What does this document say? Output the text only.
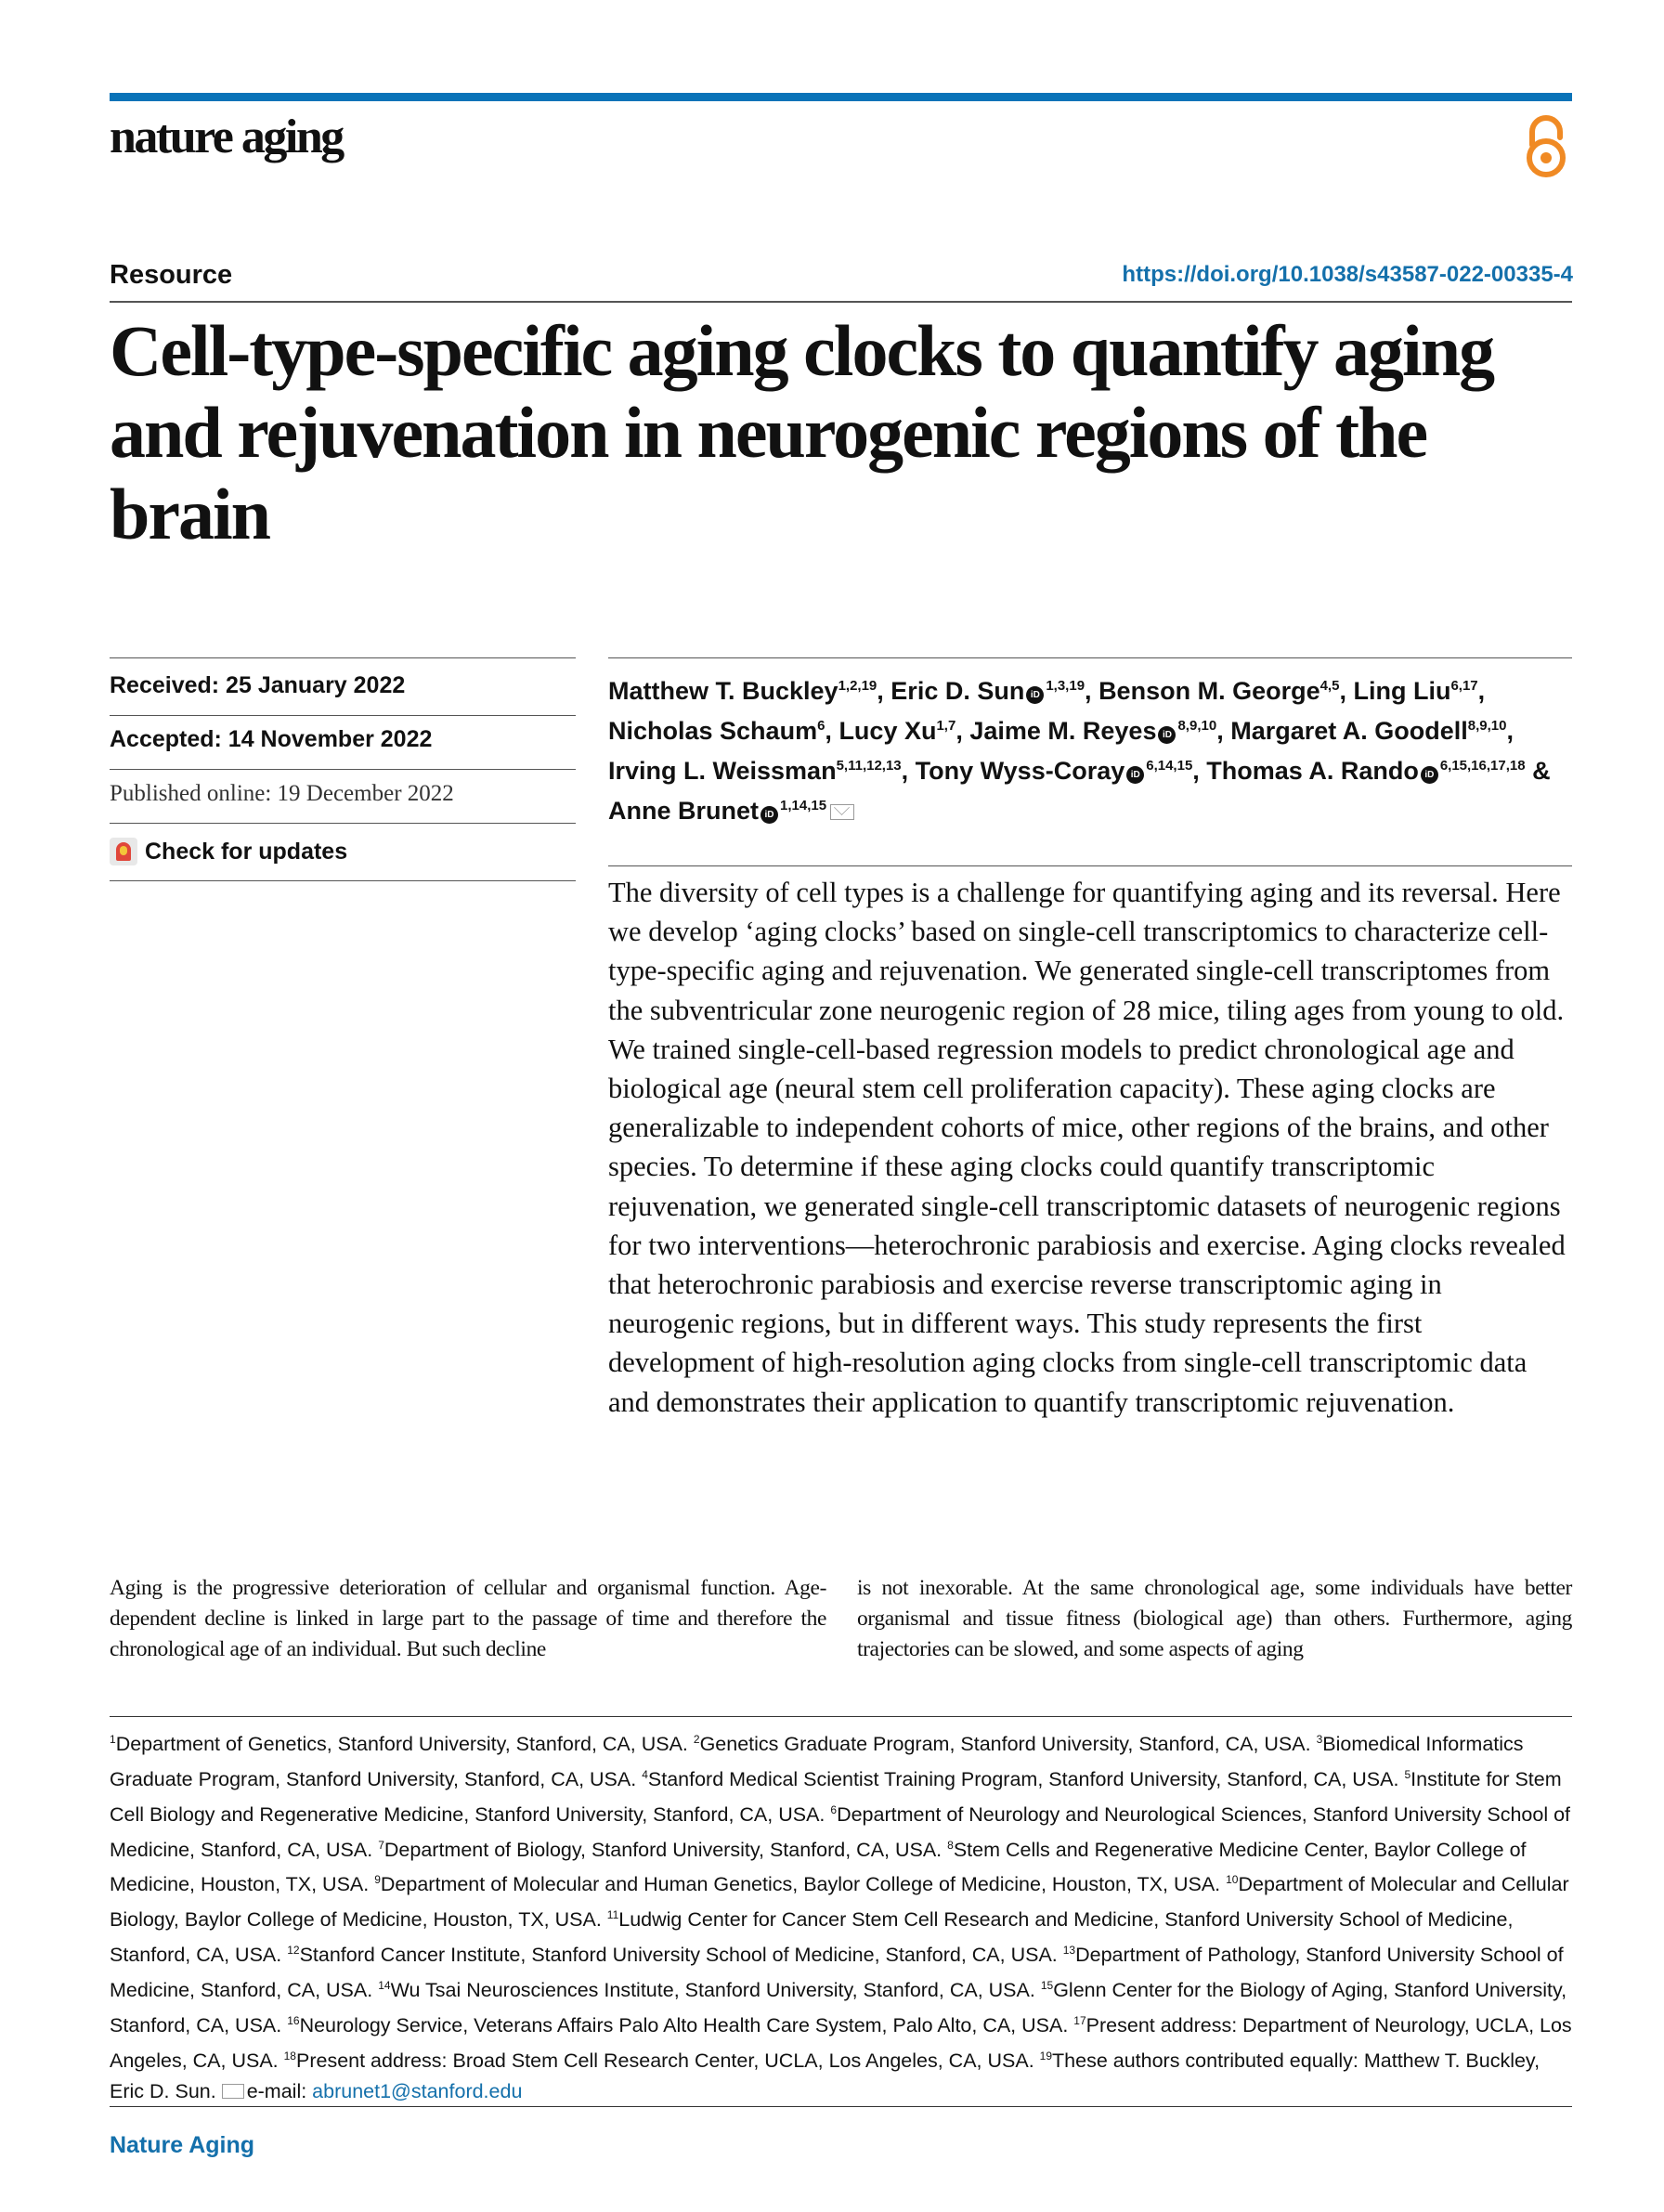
nature aging
Resource	https://doi.org/10.1038/s43587-022-00335-4
Cell-type-specific aging clocks to quantify aging and rejuvenation in neurogenic regions of the brain
Received: 25 January 2022
Accepted: 14 November 2022
Published online: 19 December 2022
Check for updates
Matthew T. Buckley$^{1,2,19}$, Eric D. Sun iD$^{1,3,19}$, Benson M. George$^{4,5}$, Ling Liu$^{6,17}$, Nicholas Schaum$^6$, Lucy Xu$^{1,7}$, Jaime M. Reyes iD$^{8,9,10}$, Margaret A. Goodell$^{8,9,10}$, Irving L. Weissman$^{5,11,12,13}$, Tony Wyss-Coray iD$^{6,14,15}$, Thomas A. Rando iD$^{6,15,16,17,18}$ & Anne Brunet iD$^{1,14,15}$

The diversity of cell types is a challenge for quantifying aging and its reversal. Here we develop ‘aging clocks’ based on single-cell transcriptomics to characterize cell-type-specific aging and rejuvenation. We generated single-cell transcriptomes from the subventricular zone neurogenic region of 28 mice, tiling ages from young to old. We trained single-cell-based regression models to predict chronological age and biological age (neural stem cell proliferation capacity). These aging clocks are generalizable to independent cohorts of mice, other regions of the brains, and other species. To determine if these aging clocks could quantify transcriptomic rejuvenation, we generated single-cell transcriptomic datasets of neurogenic regions for two interventions—heterochronic parabiosis and exercise. Aging clocks revealed that heterochronic parabiosis and exercise reverse transcriptomic aging in neurogenic regions, but in different ways. This study represents the first development of high-resolution aging clocks from single-cell transcriptomic data and demonstrates their application to quantify transcriptomic rejuvenation.

Aging is the progressive deterioration of cellular and organismal function. Age-dependent decline is linked in large part to the passage of time and therefore the chronological age of an individual. But such decline

is not inexorable. At the same chronological age, some individuals have better organismal and tissue fitness (biological age) than others. Furthermore, aging trajectories can be slowed, and some aspects of aging

$^1$Department of Genetics, Stanford University, Stanford, CA, USA. $^2$Genetics Graduate Program, Stanford University, Stanford, CA, USA. $^3$Biomedical Informatics Graduate Program, Stanford University, Stanford, CA, USA. $^4$Stanford Medical Scientist Training Program, Stanford University, Stanford, CA, USA. $^5$Institute for Stem Cell Biology and Regenerative Medicine, Stanford University, Stanford, CA, USA. $^6$Department of Neurology and Neurological Sciences, Stanford University School of Medicine, Stanford, CA, USA. $^7$Department of Biology, Stanford University, Stanford, CA, USA. $^8$Stem Cells and Regenerative Medicine Center, Baylor College of Medicine, Houston, TX, USA. $^9$Department of Molecular and Human Genetics, Baylor College of Medicine, Houston, TX, USA. $^{10}$Department of Molecular and Cellular Biology, Baylor College of Medicine, Houston, TX, USA. $^{11}$Ludwig Center for Cancer Stem Cell Research and Medicine, Stanford University School of Medicine, Stanford, CA, USA. $^{12}$Stanford Cancer Institute, Stanford University School of Medicine, Stanford, CA, USA. $^{13}$Department of Pathology, Stanford University School of Medicine, Stanford, CA, USA. $^{14}$Wu Tsai Neurosciences Institute, Stanford University, Stanford, CA, USA. $^{15}$Glenn Center for the Biology of Aging, Stanford University, Stanford, CA, USA. $^{16}$Neurology Service, Veterans Affairs Palo Alto Health Care System, Palo Alto, CA, USA. $^{17}$Present address: Department of Neurology, UCLA, Los Angeles, CA, USA. $^{18}$Present address: Broad Stem Cell Research Center, UCLA, Los Angeles, CA, USA. $^{19}$These authors contributed equally: Matthew T. Buckley, Eric D. Sun. e-mail: abrunet1@stanford.edu

Nature Aging
